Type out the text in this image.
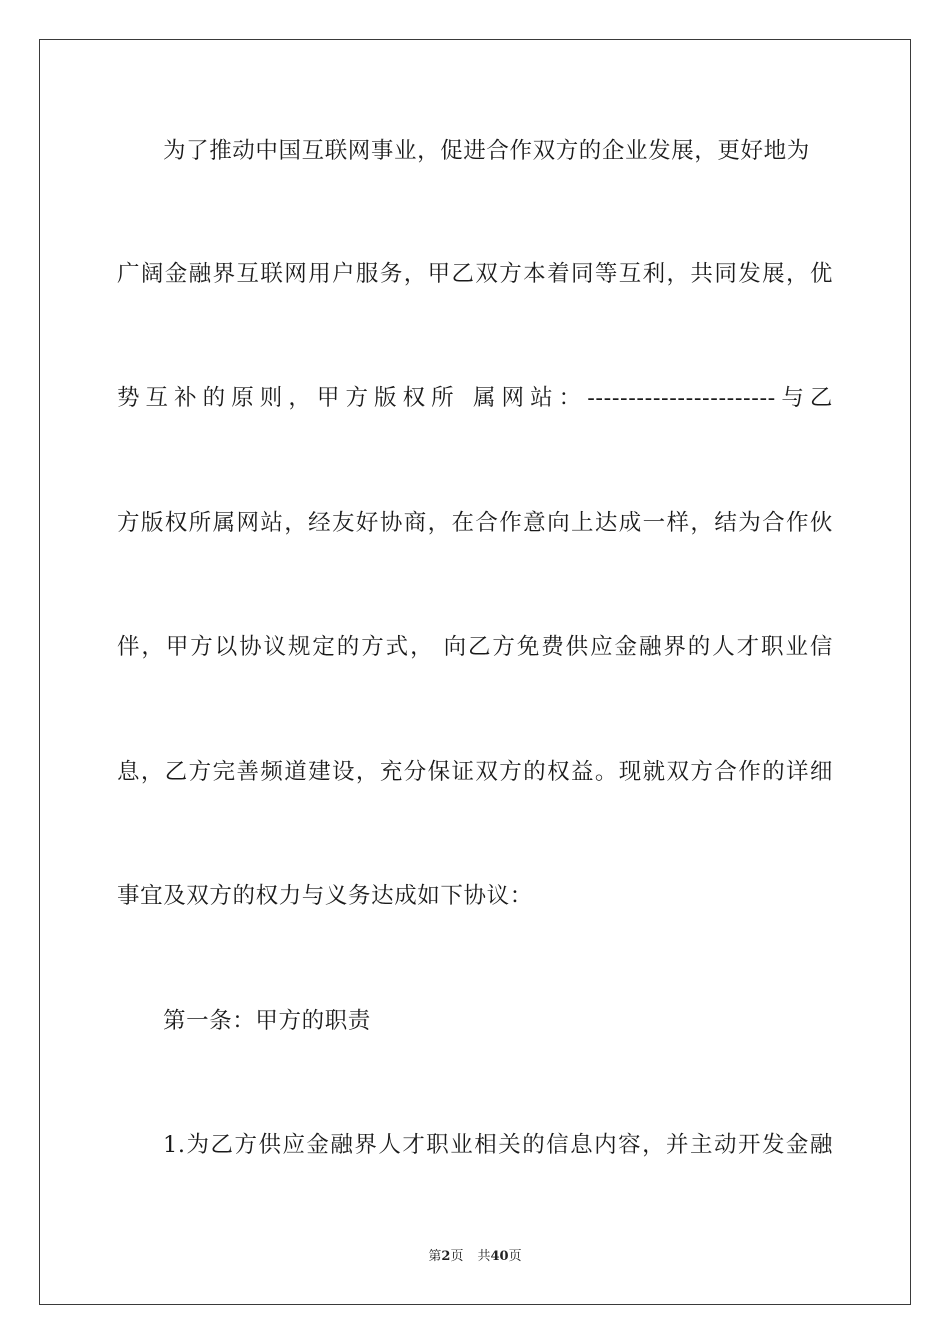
为了推动中国互联网事业，促进合作双方的企业发展，更好地为
广阔金融界互联网用户服务，甲乙双方本着同等互利，共同发展，优
势互补的原则，甲方版权所 属网站：-----------------------与乙
方版权所属网站，经友好协商，在合作意向上达成一样，结为合作伙
伴，甲方以协议规定的方式， 向乙方免费供应金融界的人才职业信
息，乙方完善频道建设，充分保证双方的权益。现就双方合作的详细
事宜及双方的权力与义务达成如下协议：
第一条：甲方的职责
1.为乙方供应金融界人才职业相关的信息内容，并主动开发金融
第2页 共40页
